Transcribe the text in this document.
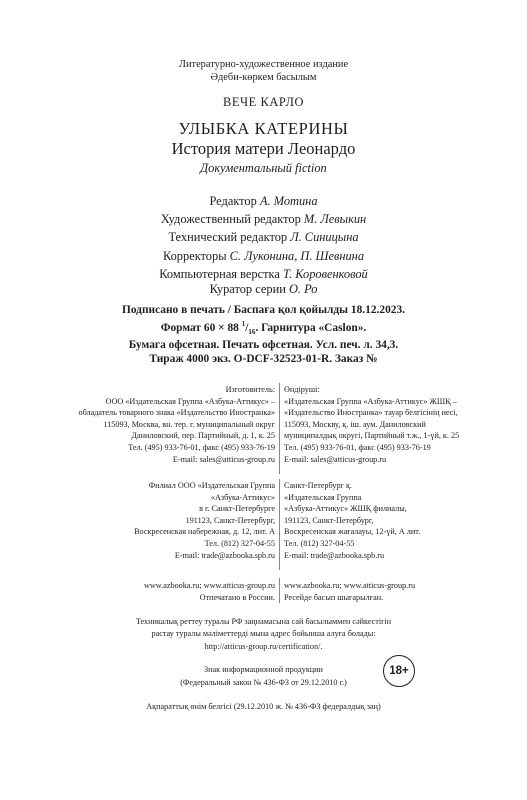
Литературно-художественное издание
Әдеби-көркем басылым
ВЕЧЕ КАРЛО
УЛЫБКА КАТЕРИНЫ
История матери Леонардо
Документальный fiction
Редактор А. Мотина
Художественный редактор М. Левыкин
Технический редактор Л. Синицына
Корректоры С. Луконина, П. Шевнина
Компьютерная верстка Т. Коровенковой
Куратор серии О. Ро
Подписано в печать / Баспаға қол қойылды 18.12.2023.
Формат 60 × 88 $^1/_{16}$. Гарнитура «Caslon».
Бумага офсетная. Печать офсетная. Усл. печ. л. 34,3.
Тираж 4000 экз. O-DCF-32523-01-R. Заказ №
Изготовитель:
ООО «Издательская Группа «Азбука-Аттикус» –
обладатель товарного знака «Издательство Иностранка»
115093, Москва, вн. тер. г. муниципальный округ
Даниловский, пер. Партийный, д. 1, к. 25
Тел. (495) 933-76-01, факс (495) 933-76-19
E-mail: sales@atticus-group.ru
Өндіруші:
«Издательская Группа «Азбука-Аттикус» ЖШҚ –
«Издательство Иностранка» тауар белгісінің иесі,
115093, Москву, қ. іш. аум. Даниловский
муниципалдық округі, Партийный т.ж., 1-үй, к. 25
Тел. (495) 933-76-01, факс (495) 933-76-19
E-mail: sales@atticus-group.ru
Филиал ООО «Издательская Группа
«Азбука-Аттикус»
в г. Санкт-Петербурге
191123, Санкт-Петербург,
Воскресенская набережная, д. 12, лит. А
Тел. (812) 327-04-55
E-mail: trade@azbooka.spb.ru
Санкт-Петербург қ.
«Издательская Группа
«Азбука-Аттикус» ЖШҚ филиалы,
191123, Санкт-Петербург,
Воскресенская жағалауы, 12-үй, А лит.
Тел. (812) 327-04-55
E-mail: trade@azbooka.spb.ru
www.azbooka.ru; www.atticus-group.ru
Отпечатано в России.
www.azbooka.ru; www.atticus-group.ru
Ресейде басып шығарылған.
Техникалық реттеу туралы РФ заңнамасына сай басылыммен сәйкестігін
растау туралы мәліметтерді мына адрес бойынша алуға болады:
http://atticus-group.ru/certification/.
Знак информационной продукции
(Федеральный закон № 436-ФЗ от 29.12.2010 г.)
18+
Ақпараттық өнім белгісі (29.12.2010 ж. № 436-ФЗ федералдық заң)
